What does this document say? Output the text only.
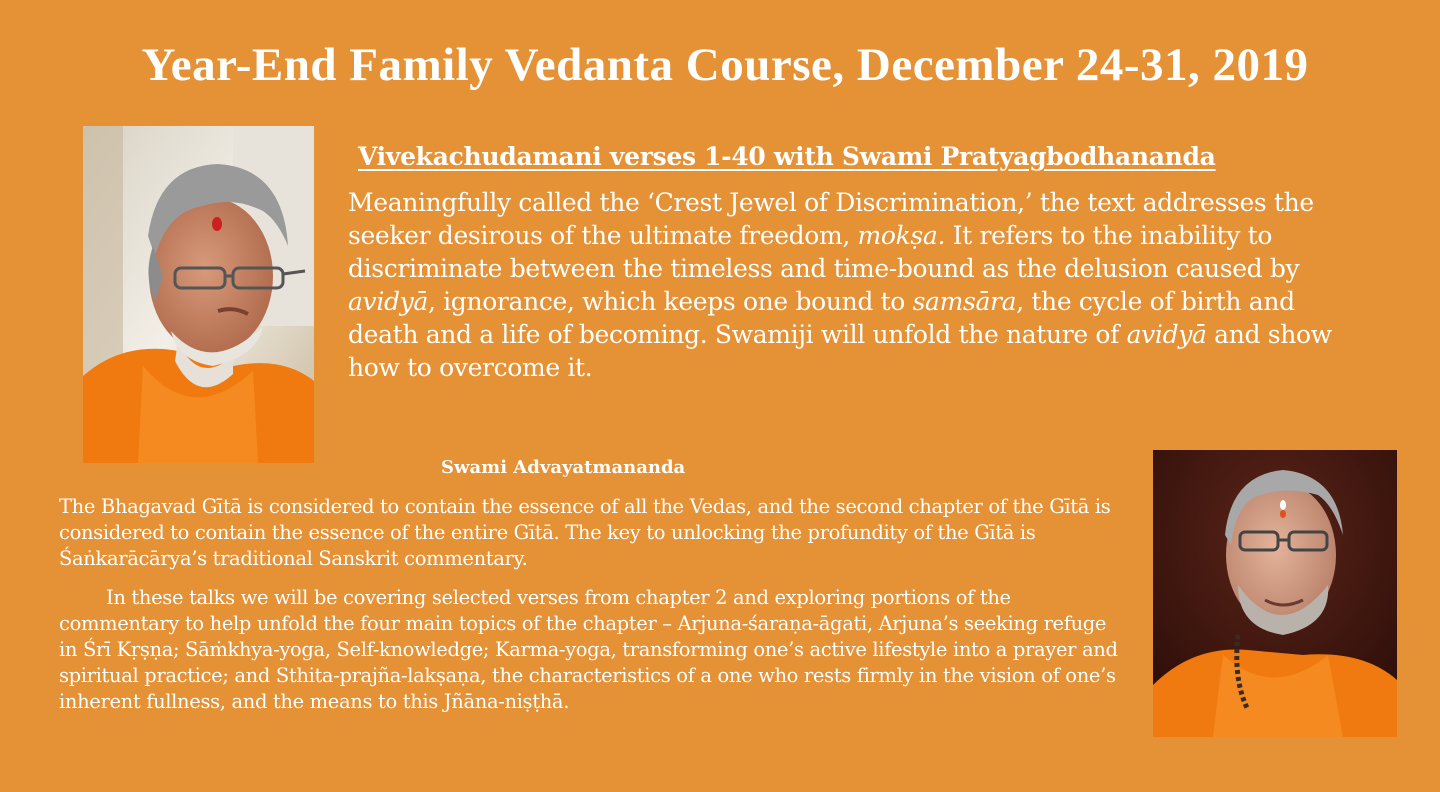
Year-End Family Vedanta Course, December 24-31, 2019
Vivekachudamani verses 1-40 with Swami Pratyagbodhananda
Meaningfully called the ‘Crest Jewel of Discrimination,’ the text addresses the seeker desirous of the ultimate freedom, mokṣa. It refers to the inability to discriminate between the timeless and time-bound as the delusion caused by avidyā, ignorance, which keeps one bound to samsāra, the cycle of birth and death and a life of becoming. Swamiji will unfold the nature of avidyā and show how to overcome it.
Swami Advayatmananda

The Bhagavad Gītā is considered to contain the essence of all the Vedas, and the second chapter of the Gītā is considered to contain the essence of the entire Gītā. The key to unlocking the profundity of the Gītā is Śaṅkarācārya’s traditional Sanskrit commentary.

In these talks we will be covering selected verses from chapter 2 and exploring portions of the commentary to help unfold the four main topics of the chapter – Arjuna-śaraṇa-āgati, Arjuna’s seeking refuge in Śrī Kṛṣṇa; Sāṁkhya-yoga, Self-knowledge; Karma-yoga, transforming one’s active lifestyle into a prayer and spiritual practice; and Sthita-prajña-lakṣaṇa, the characteristics of a one who rests firmly in the vision of one’s inherent fullness, and the means to this Jñāna-niṣṭhā.
